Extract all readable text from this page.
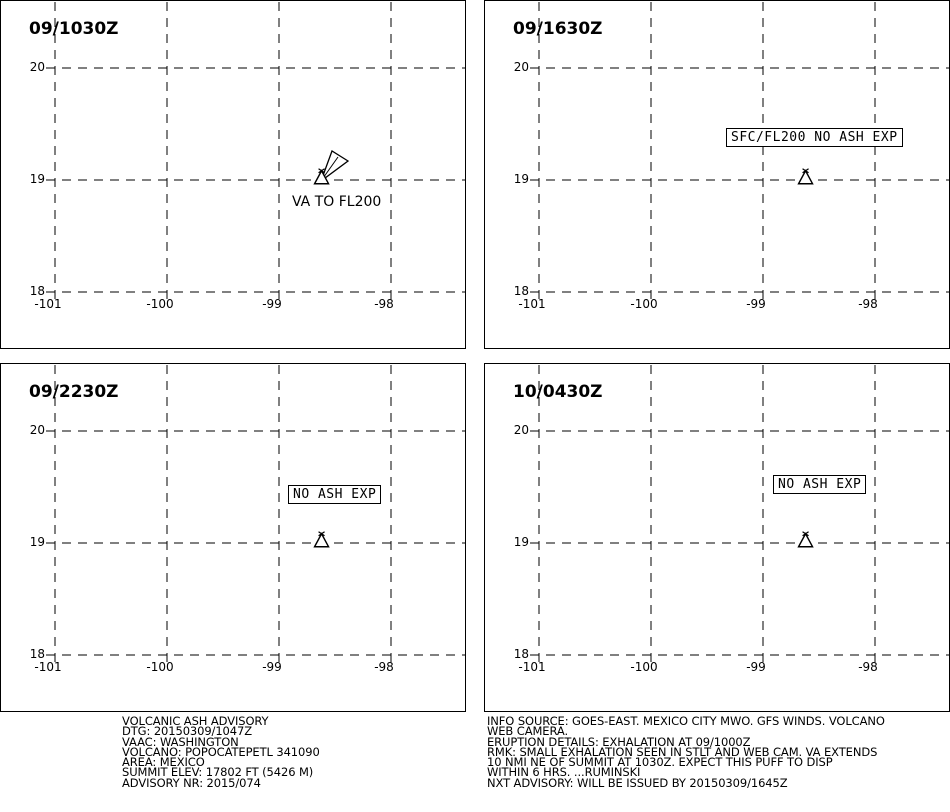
09/1030Z
20
19
18
-101	-100	-99	-98
VA TO FL200
09/1630Z
20
19
18
-101	-100	-99	-98
SFC/FL200 NO ASH EXP
09/2230Z
20
19
18
-101	-100	-99	-98
NO ASH EXP
10/0430Z
20
19
18
-101	-100	-99	-98
NO ASH EXP
VOLCANIC ASH ADVISORY
DTG: 20150309/1047Z
VAAC: WASHINGTON
VOLCANO: POPOCATEPETL 341090
AREA: MEXICO
SUMMIT ELEV: 17802 FT (5426 M)
ADVISORY NR: 2015/074
INFO SOURCE: GOES-EAST. MEXICO CITY MWO. GFS WINDS. VOLCANO
WEB CAMERA.
ERUPTION DETAILS: EXHALATION AT 09/1000Z
RMK: SMALL EXHALATION SEEN IN STLT AND WEB CAM. VA EXTENDS
10 NMI NE OF SUMMIT AT 1030Z. EXPECT THIS PUFF TO DISP
WITHIN 6 HRS. ...RUMINSKI
NXT ADVISORY: WILL BE ISSUED BY 20150309/1645Z
